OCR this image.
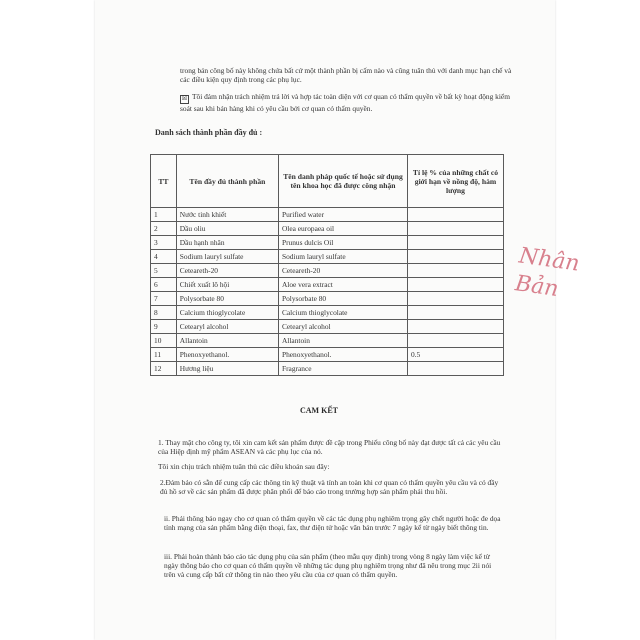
trong bản công bố này không chứa bất cứ một thành phần bị cấm nào và cũng tuân thủ với danh mục hạn chế và các điều kiện quy định trong các phụ lục.
☒ Tôi đảm nhận trách nhiệm trả lời và hợp tác toàn diện với cơ quan có thẩm quyền về bất kỳ hoạt động kiểm soát sau khi bán hàng khi có yêu cầu bởi cơ quan có thẩm quyền.
Danh sách thành phần đầy đủ :
TT	Tên đầy đủ thành phần	Tên danh pháp quốc tế hoặc sử dụng tên khoa học đã được công nhận	Tỉ lệ % của những chất có giới hạn về nồng độ, hàm lượng
1	Nước tinh khiết	Purified water	
2	Dầu oliu	Olea europaea oil	
3	Dầu hạnh nhân	Prunus dulcis Oil	
4	Sodium lauryl sulfate	Sodium lauryl sulfate	
5	Ceteareth-20	Ceteareth-20	
6	Chiết xuất lô hội	Aloe vera extract	
7	Polysorbate 80	Polysorbate 80	
8	Calcium thioglycolate	Calcium thioglycolate	
9	Cetearyl alcohol	Cetearyl alcohol	
10	Allantoin	Allantoin	
11	Phenoxyethanol.	Phenoxyethanol.	0.5
12	Hương liệu	Fragrance	
CAM KẾT
1. Thay mặt cho công ty, tôi xin cam kết sản phẩm được đề cập trong Phiếu công bố này đạt được tất cả các yêu cầu của Hiệp định mỹ phẩm ASEAN và các phụ lục của nó.
Tôi xin chịu trách nhiệm tuân thủ các điều khoản sau đây:
2.Đảm bảo có sẵn để cung cấp các thông tin kỹ thuật và tính an toàn khi cơ quan có thẩm quyền yêu cầu và có đầy đủ hồ sơ về các sản phẩm đã được phân phối để báo cáo trong trường hợp sản phẩm phải thu hồi.
ii. Phải thông báo ngay cho cơ quan có thẩm quyền về các tác dụng phụ nghiêm trọng gây chết người hoặc đe dọa tính mạng của sản phẩm bằng điện thoại, fax, thư điện tử hoặc văn bản trước 7 ngày kể từ ngày biết thông tin.
iii. Phải hoàn thành báo cáo tác dụng phụ của sản phẩm (theo mẫu quy định) trong vòng 8 ngày làm việc kể từ ngày thông báo cho cơ quan có thẩm quyền về những tác dụng phụ nghiêm trọng như đã nêu trong mục 2ii nói trên và cung cấp bất cứ thông tin nào theo yêu cầu của cơ quan có thẩm quyền.
Nhân Bản
